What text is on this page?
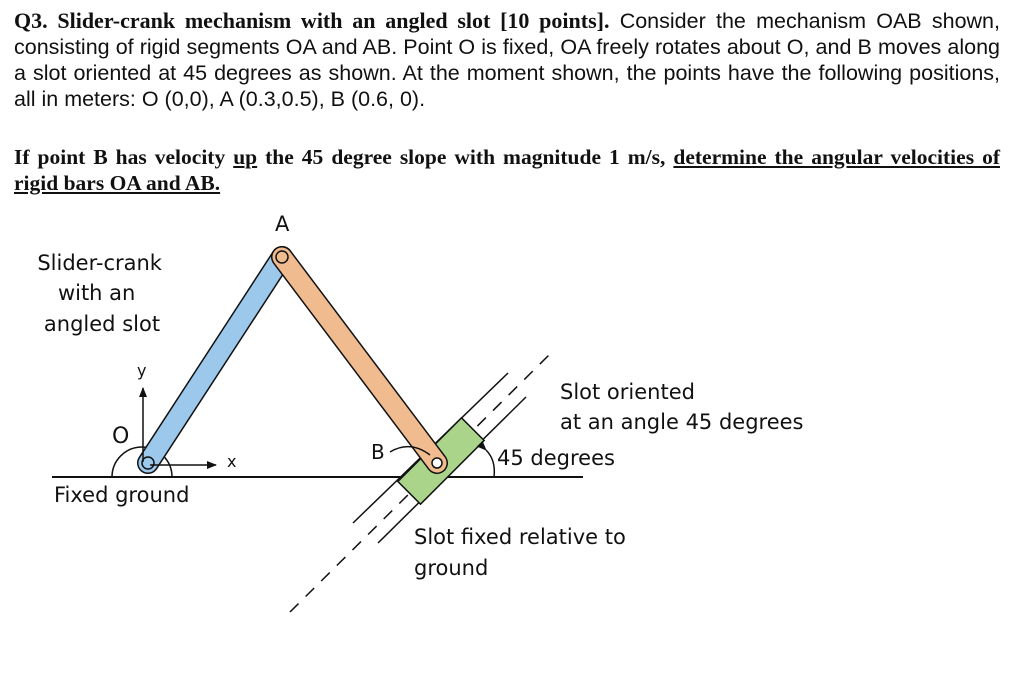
Q3. Slider-crank mechanism with an angled slot [10 points]. Consider the mechanism OAB shown, consisting of rigid segments OA and AB. Point O is fixed, OA freely rotates about O, and B moves along a slot oriented at 45 degrees as shown. At the moment shown, the points have the following positions, all in meters: O (0,0), A (0.3,0.5), B (0.6, 0).
If point B has velocity up the 45 degree slope with magnitude 1 m/s, determine the angular velocities of rigid bars OA and AB.
A
B
O
x
y
Slider-crank with an angled slot
Fixed ground
Slot oriented at an angle 45 degrees
45 degrees
Slot fixed relative to ground
